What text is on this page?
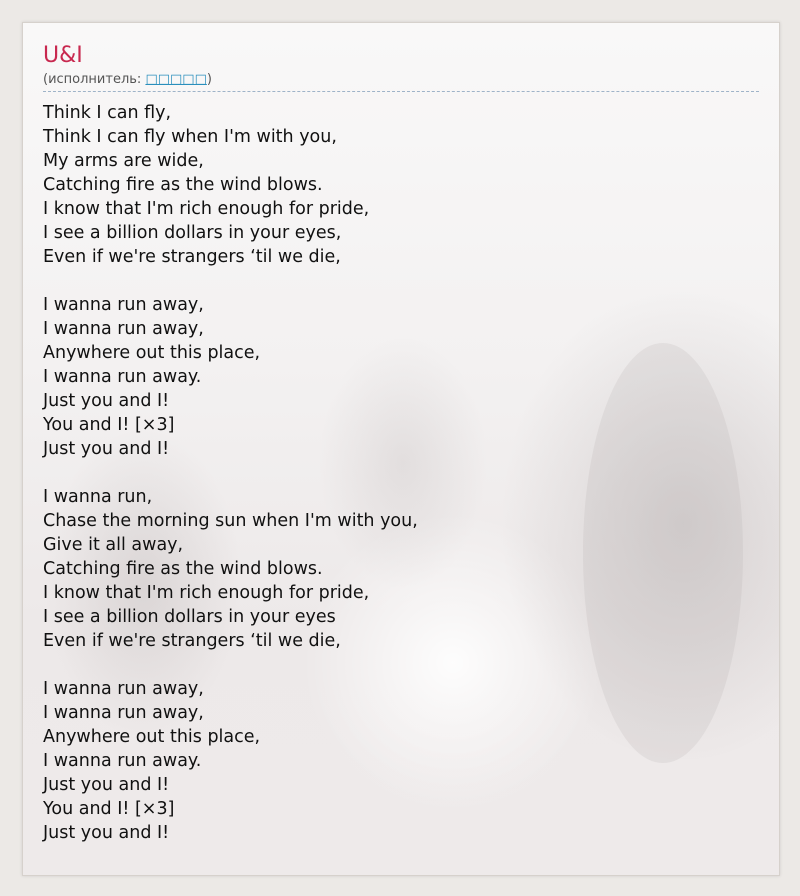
U&I
(исполнитель: □□□□□)
Think I can fly,
Think I can fly when I'm with you,
My arms are wide,
Catching fire as the wind blows.
I know that I'm rich enough for pride,
I see a billion dollars in your eyes,
Even if we're strangers ‘til we die,
I wanna run away,
I wanna run away,
Anywhere out this place,
I wanna run away.
Just you and I!
You and I! [×3]
Just you and I!
I wanna run,
Chase the morning sun when I'm with you,
Give it all away,
Catching fire as the wind blows.
I know that I'm rich enough for pride,
I see a billion dollars in your eyes
Even if we're strangers ‘til we die,
I wanna run away,
I wanna run away,
Anywhere out this place,
I wanna run away.
Just you and I!
You and I! [×3]
Just you and I!
